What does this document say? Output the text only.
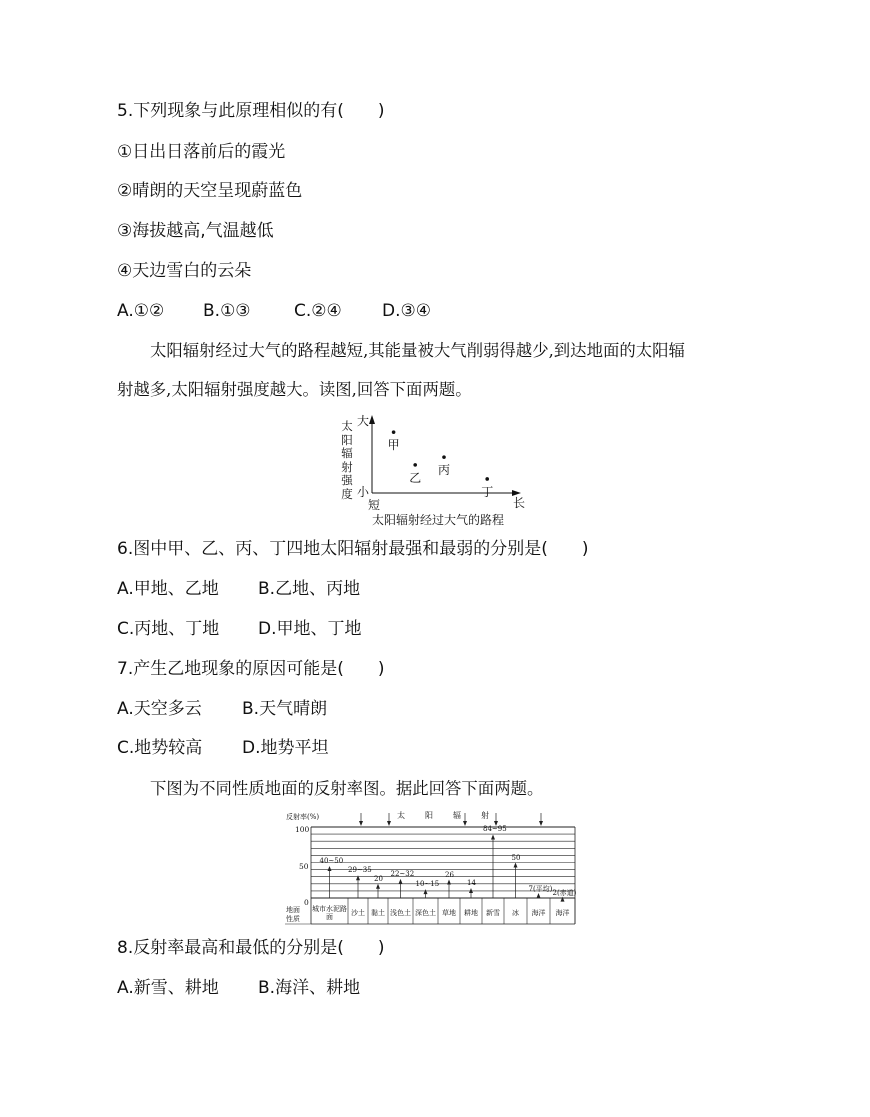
5.下列现象与此原理相似的有(　　)
①日出日落前后的霞光
②晴朗的天空呈现蔚蓝色
③海拔越高,气温越低
④天边雪白的云朵
A.①② B.①③	C.②④ D.③④
太阳辐射经过大气的路程越短,其能量被大气削弱得越少,到达地面的太阳辐
射越多,太阳辐射强度越大。读图,回答下面两题。
大
太
阳
辐
射
强
度 小
短	长
太阳辐射经过大气的路程
甲
乙
丙
丁
6.图中甲、乙、丙、丁四地太阳辐射最强和最弱的分别是(　　)
A.甲地、乙地 B.乙地、丙地
C.丙地、丁地 D.甲地、丁地
7.产生乙地现象的原因可能是(　　)
A.天空多云 B.天气晴朗
C.地势较高 D.地势平坦
下图为不同性质地面的反射率图。据此回答下面两题。
反射率(%)
100
50
0
太	阳	辐	射
地面
性质
城市水泥路面	沙土 黏土 浅色土 深色土 草地	耕地	新雪	冰	海洋	海洋
40~50
29~35
20
22~32
10~15
26
14
84~95
50
7(平均) 2(赤道)
8.反射率最高和最低的分别是(　　)
A.新雪、耕地 B.海洋、耕地
